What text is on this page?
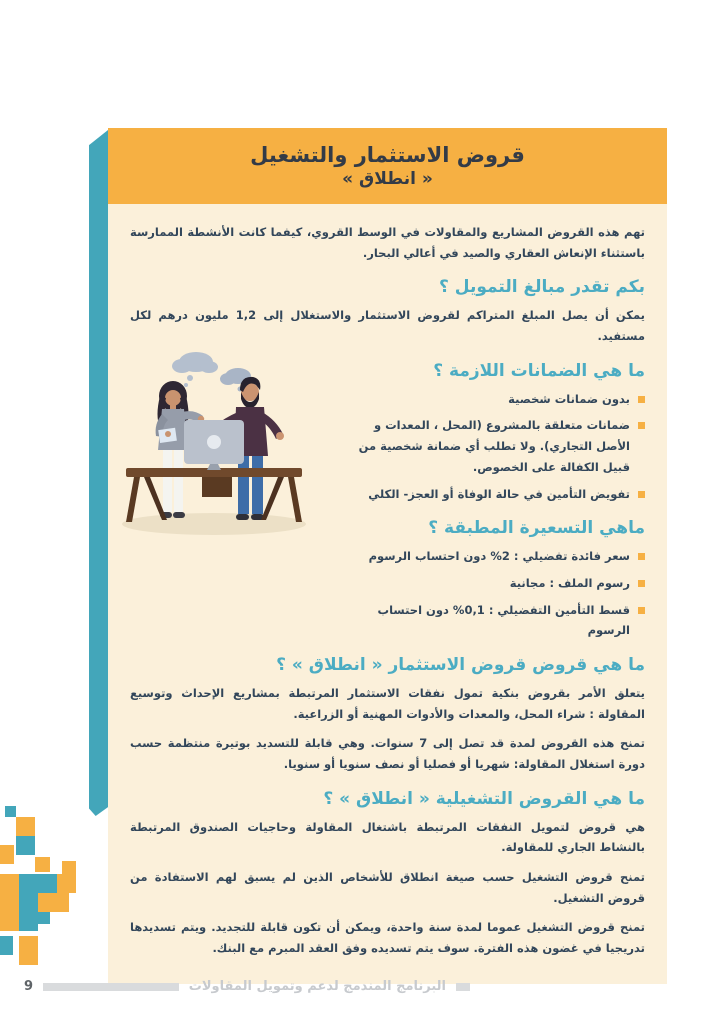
قروض الاستثمار والتشغيل
« انطلاق »

تهم هذه القروض المشاريع والمقاولات في الوسط القروي، كيفما كانت الأنشطة الممارسة باستثناء الإنعاش العقاري والصيد في أعالي البحار.

بكم تقدر مبالغ التمويل ؟

يمكن أن يصل المبلغ المتراكم لقروض الاستثمار والاستغلال إلى 1,2 مليون درهم لكل مستفيد.

ما هي الضمانات اللازمة ؟
بدون ضمانات شخصية
ضمانات متعلقة بالمشروع (المحل ، المعدات و الأصل التجاري). ولا تطلب أي ضمانة شخصية من قبيل الكفالة على الخصوص.
تفويض التأمين في حالة الوفاة أو العجز- الكلي
ماهي التسعيرة المطبقة ؟
سعر فائدة تفضيلي : 2% دون احتساب الرسوم
رسوم الملف : مجانية
قسط التأمين التفضيلي : 0,1% دون احتساب الرسوم
ما هي قروض قروض الاستثمار « انطلاق » ؟

يتعلق الأمر بقروض بنكية تمول نفقات الاستثمار المرتبطة بمشاريع الإحداث وتوسيع المقاولة : شراء المحل، والمعدات والأدوات المهنية أو الزراعية.

تمنح هذه القروض لمدة قد تصل إلى 7 سنوات. وهي قابلة للتسديد بوتيرة منتظمة حسب دورة استغلال المقاولة: شهريا أو فصليا أو نصف سنويا أو سنويا.

ما هي القروض التشغيلية « انطلاق » ؟

هي قروض لتمويل النفقات المرتبطة باشتغال المقاولة وحاجيات الصندوق المرتبطة بالنشاط الجاري للمقاولة.

تمنح قروض التشغيل حسب صيغة انطلاق للأشخاص الذين لم يسبق لهم الاستفادة من قروض التشغيل.

تمنح قروض التشغيل عموما لمدة سنة واحدة، ويمكن أن تكون قابلة للتجديد. ويتم تسديدها تدريجيا في غضون هذه الفترة. سوف يتم تسديده وفق العقد المبرم مع البنك.

9	البرنامج المندمج لدعم وتمويل المقاولات
